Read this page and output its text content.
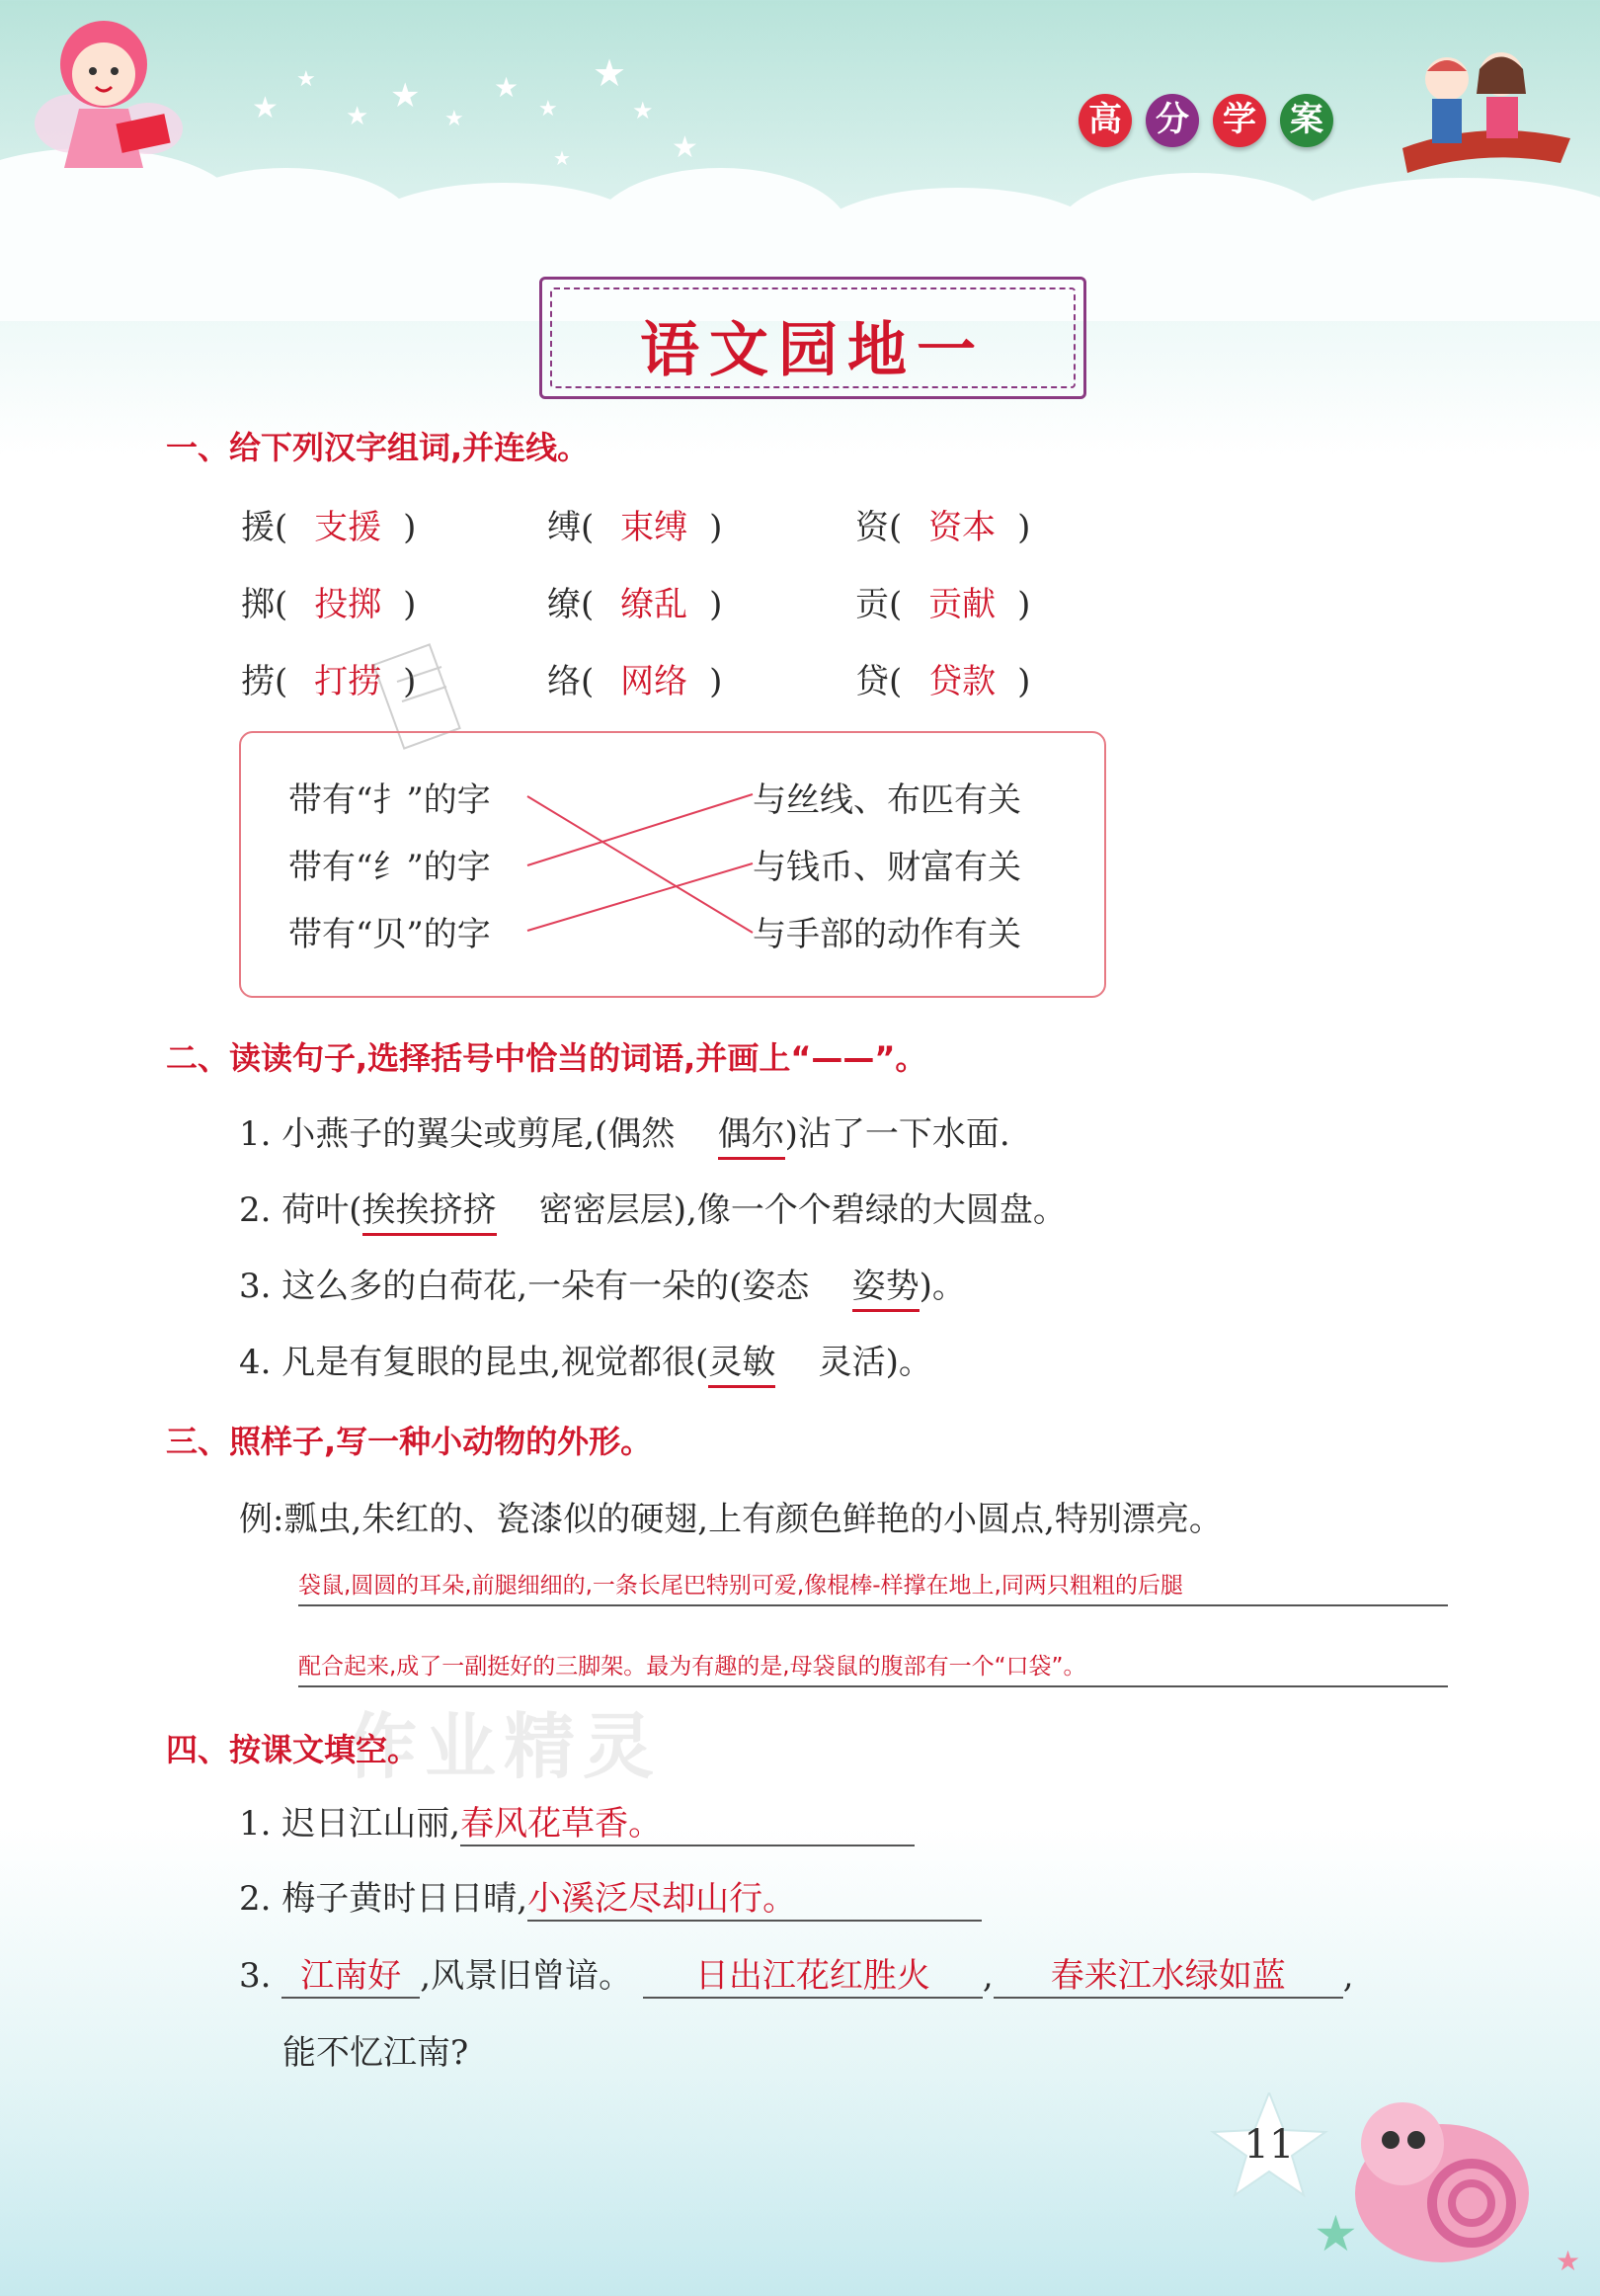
★
★
★
★
★
★
★
★
★
★
★
高 分 学 案
语文园地一
一、给下列汉字组词,并连线。
援( 支援 )	缚( 束缚 )	资( 资本 )
掷( 投掷 )	缭( 缭乱 )	贡( 贡献 )
捞( 打捞 )	络( 网络 )	贷( 贷款 )
带有“扌”的字
带有“纟”的字
带有“贝”的字
与丝线、布匹有关
与钱币、财富有关
与手部的动作有关
二、读读句子,选择括号中恰当的词语,并画上“——”。
1. 小燕子的翼尖或剪尾,(偶然 偶尔)沾了一下水面.
2. 荷叶(挨挨挤挤 密密层层),像一个个碧绿的大圆盘。
3. 这么多的白荷花,一朵有一朵的(姿态 姿势)。
4. 凡是有复眼的昆虫,视觉都很(灵敏 灵活)。
三、照样子,写一种小动物的外形。
例:瓢虫,朱红的、瓷漆似的硬翅,上有颜色鲜艳的小圆点,特别漂亮。
袋鼠,圆圆的耳朵,前腿细细的,一条长尾巴特别可爱,像棍棒-样撑在地上,同两只粗粗的后腿
配合起来,成了一副挺好的三脚架。最为有趣的是,母袋鼠的腹部有一个“口袋”。
作业精灵
四、按课文填空。
1. 迟日江山丽,春风花草香。
2. 梅子黄时日日晴,小溪泛尽却山行。
3. 江南好 ,风景旧曾谙。 日出江花红胜火 , 春来江水绿如蓝 ,
能不忆江南?
11
★	★
